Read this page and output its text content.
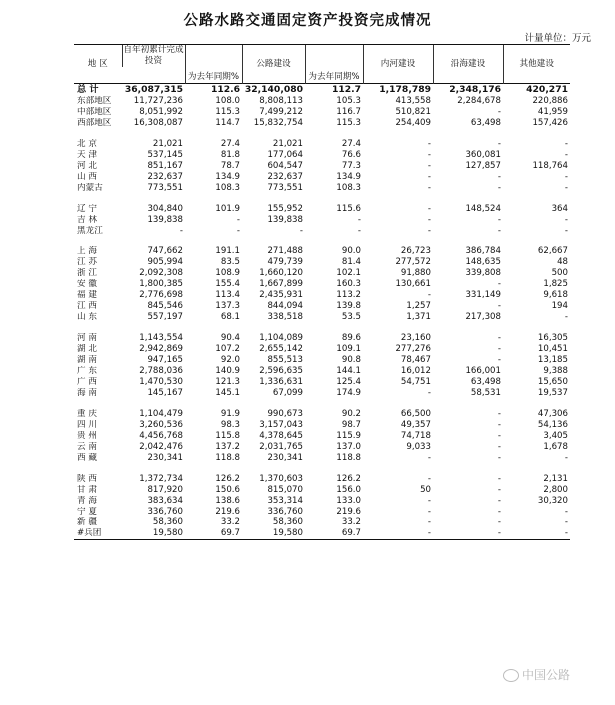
公路水路交通固定资产投资完成情况
计量单位：万元
地 区	自年初累计完成投资	为去年同期%	公路建设	为去年同期%	内河建设	沿海建设	其他建设

总 计	36,087,315	112.6	32,140,080	112.7	1,178,789	2,348,176	420,271
东部地区	11,727,236	108.0	8,808,113	105.3	413,558	2,284,678	220,886
中部地区	8,051,992	115.3	7,499,212	116.7	510,821	-	41,959
西部地区	16,308,087	114.7	15,832,754	115.3	254,409	63,498	157,426

北 京	21,021	27.4	21,021	27.4	-	-	-
天 津	537,145	81.8	177,064	76.6	-	360,081	-
河 北	851,167	78.7	604,547	77.3	-	127,857	118,764
山 西	232,637	134.9	232,637	134.9	-	-	-
内蒙古	773,551	108.3	773,551	108.3	-	-	-

辽 宁	304,840	101.9	155,952	115.6	-	148,524	364
吉 林	139,838	-	139,838	-	-	-	-
黑龙江	-	-	-	-	-	-	-

上 海	747,662	191.1	271,488	90.0	26,723	386,784	62,667
江 苏	905,994	83.5	479,739	81.4	277,572	148,635	48
浙 江	2,092,308	108.9	1,660,120	102.1	91,880	339,808	500
安 徽	1,800,385	155.4	1,667,899	160.3	130,661	-	1,825
福 建	2,776,698	113.4	2,435,931	113.2	-	331,149	9,618
江 西	845,546	137.3	844,094	139.8	1,257	-	194
山 东	557,197	68.1	338,518	53.5	1,371	217,308	-

河 南	1,143,554	90.4	1,104,089	89.6	23,160	-	16,305
湖 北	2,942,869	107.2	2,655,142	109.1	277,276	-	10,451
湖 南	947,165	92.0	855,513	90.8	78,467	-	13,185
广 东	2,788,036	140.9	2,596,635	144.1	16,012	166,001	9,388
广 西	1,470,530	121.3	1,336,631	125.4	54,751	63,498	15,650
海 南	145,167	145.1	67,099	174.9	-	58,531	19,537

重 庆	1,104,479	91.9	990,673	90.2	66,500	-	47,306
四 川	3,260,536	98.3	3,157,043	98.7	49,357	-	54,136
贵 州	4,456,768	115.8	4,378,645	115.9	74,718	-	3,405
云 南	2,042,476	137.2	2,031,765	137.0	9,033	-	1,678
西 藏	230,341	118.8	230,341	118.8	-	-	-

陕 西	1,372,734	126.2	1,370,603	126.2	-	-	2,131
甘 肃	817,920	150.6	815,070	156.0	50	-	2,800
青 海	383,634	138.6	353,314	133.0	-	-	30,320
宁 夏	336,760	219.6	336,760	219.6	-	-	-
新 疆	58,360	33.2	58,360	33.2	-	-	-
#兵团	19,580	69.7	19,580	69.7	-	-	-
中国公路
